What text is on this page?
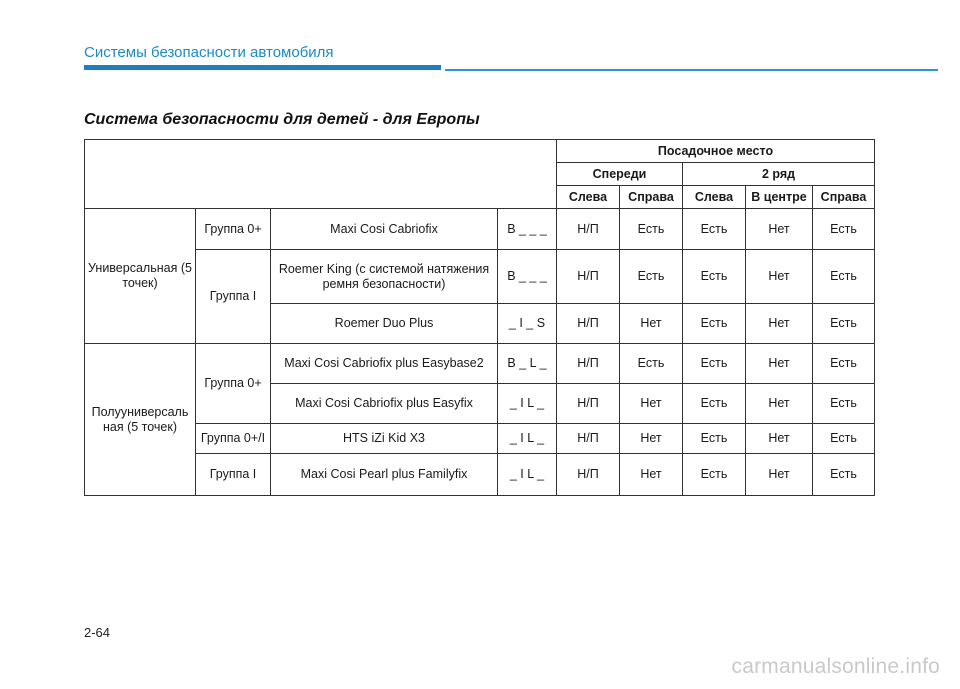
Системы безопасности автомобиля
Система безопасности для детей - для Европы
				Посадочное место				
				Спереди		2 ряд		
				Слева	Справа	Слева	В центре	Справа
Универсальная (5 точек)	Группа 0+	Maxi Cosi Cabriofix	B _ _ _	Н/П	Есть	Есть	Нет	Есть
	Группа I	Roemer King (с системой натяжения ремня безопасности)	B _ _ _	Н/П	Есть	Есть	Нет	Есть
		Roemer Duo Plus	_ I _ S	Н/П	Нет	Есть	Нет	Есть
Полууниверсаль ная (5 точек)	Группа 0+	Maxi Cosi Cabriofix plus Easybase2	B _ L _	Н/П	Есть	Есть	Нет	Есть
		Maxi Cosi Cabriofix plus Easyfix	_ I L _	Н/П	Нет	Есть	Нет	Есть
	Группа 0+/I	HTS iZi Kid X3	_ I L _	Н/П	Нет	Есть	Нет	Есть
	Группа I	Maxi Cosi Pearl plus Familyfix	_ I L _	Н/П	Нет	Есть	Нет	Есть
2-64
carmanualsonline.info
